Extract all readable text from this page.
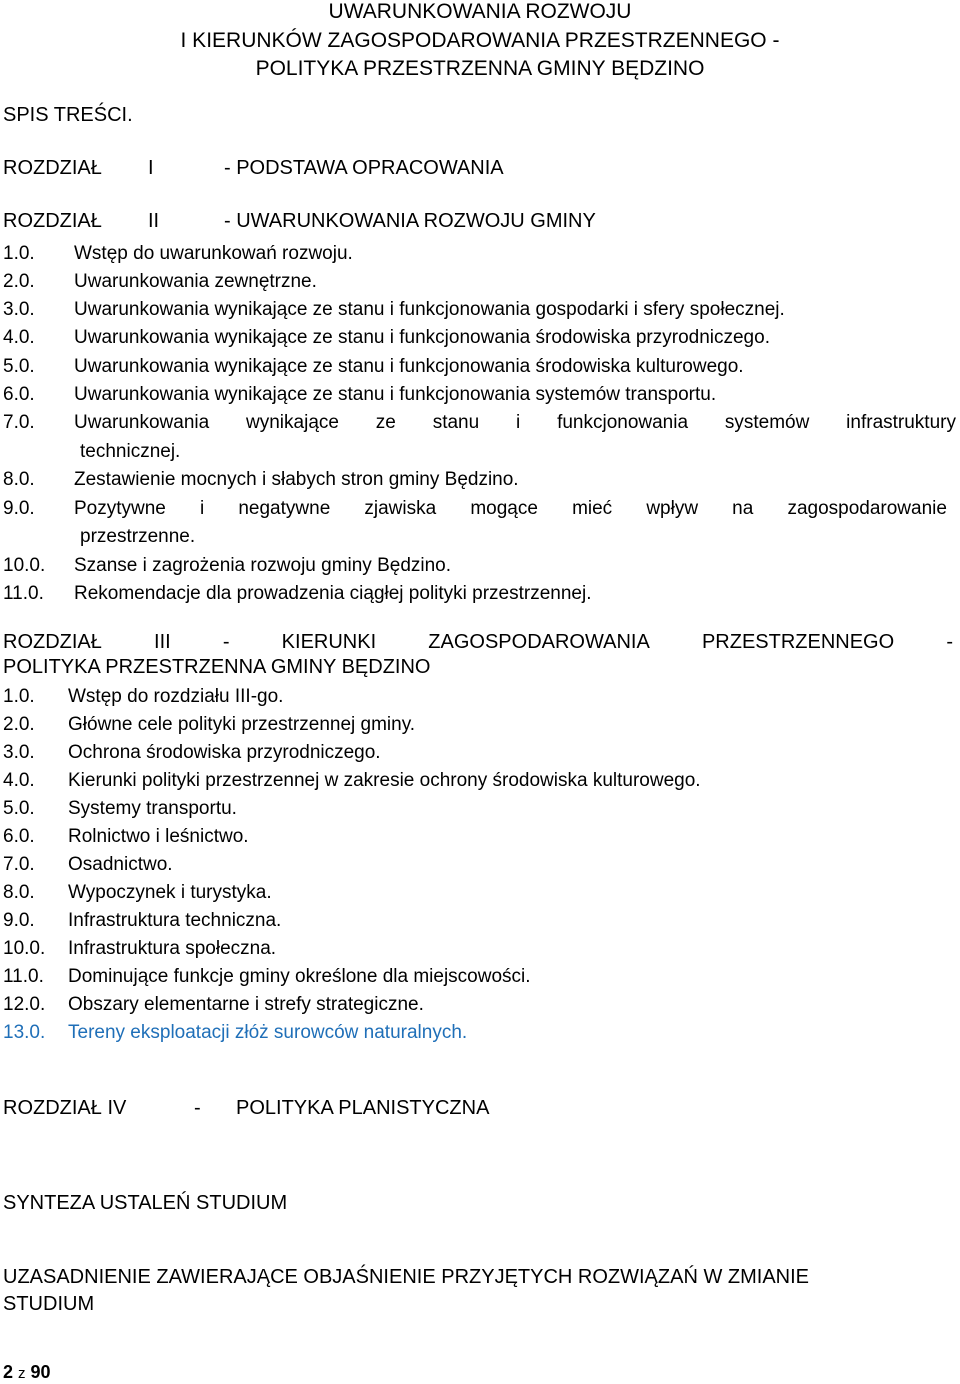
UWARUNKOWANIA ROZWOJU
I KIERUNKÓW ZAGOSPODAROWANIA PRZESTRZENNEGO -
POLITYKA PRZESTRZENNA GMINY BĘDZINO
SPIS TREŚCI.
ROZDZIAŁ I	- PODSTAWA OPRACOWANIA
ROZDZIAŁ II	- UWARUNKOWANIA ROZWOJU GMINY
1.0. Wstęp do uwarunkowań rozwoju.
2.0. Uwarunkowania zewnętrzne.
3.0. Uwarunkowania wynikające ze stanu i funkcjonowania gospodarki i sfery społecznej.
4.0. Uwarunkowania wynikające ze stanu i funkcjonowania środowiska przyrodniczego.
5.0. Uwarunkowania wynikające ze stanu i funkcjonowania środowiska kulturowego.
6.0. Uwarunkowania wynikające ze stanu i funkcjonowania systemów transportu.
7.0. Uwarunkowania wynikające ze stanu i funkcjonowania systemów infrastruktury
technicznej.
8.0. Zestawienie mocnych i słabych stron gminy Będzino.
9.0. Pozytywne i negatywne zjawiska mogące mieć wpływ na zagospodarowanie
przestrzenne.
10.0. Szanse i zagrożenia rozwoju gminy Będzino.
11.0. Rekomendacje dla prowadzenia ciągłej polityki przestrzennej.
ROZDZIAŁ	III	-	KIERUNKI	ZAGOSPODAROWANIA	PRZESTRZENNEGO	-
POLITYKA PRZESTRZENNA GMINY BĘDZINO
1.0. Wstęp do rozdziału III-go.
2.0. Główne cele polityki przestrzennej gminy.
3.0. Ochrona środowiska przyrodniczego.
4.0. Kierunki polityki przestrzennej w zakresie ochrony środowiska kulturowego.
5.0. Systemy transportu.
6.0. Rolnictwo i leśnictwo.
7.0. Osadnictwo.
8.0. Wypoczynek i turystyka.
9.0. Infrastruktura techniczna.
10.0. Infrastruktura społeczna.
11.0. Dominujące funkcje gminy określone dla miejscowości.
12.0. Obszary elementarne i strefy strategiczne.
13.0. Tereny eksploatacji złóż surowców naturalnych.
ROZDZIAŁ IV	- POLITYKA PLANISTYCZNA
SYNTEZA USTALEŃ STUDIUM
UZASADNIENIE ZAWIERAJĄCE OBJAŚNIENIE PRZYJĘTYCH ROZWIĄZAŃ W ZMIANIE
STUDIUM
2 z 90
